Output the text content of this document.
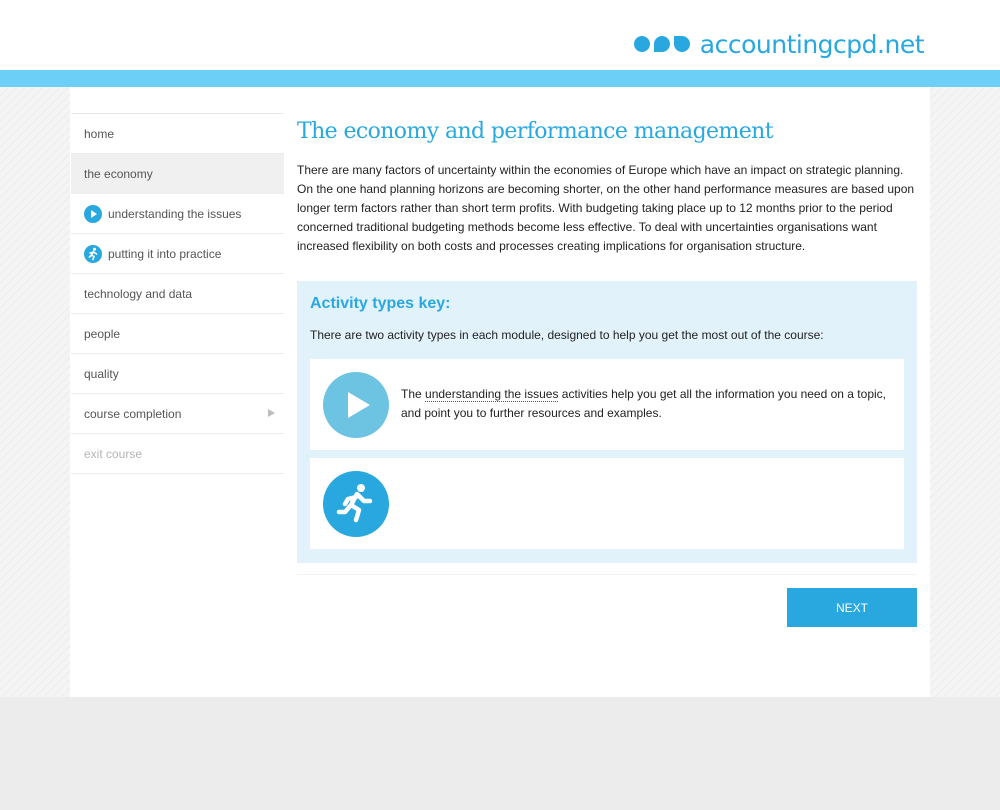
accountingcpd.net
home
the economy
understanding the issues
putting it into practice
technology and data
people
quality
course completion
exit course
The economy and performance management

There are many factors of uncertainty within the economies of Europe which have an impact on strategic planning. On the one hand planning horizons are becoming shorter, on the other hand performance measures are based upon longer term factors rather than short term profits. With budgeting taking place up to 12 months prior to the period concerned traditional budgeting methods become less effective. To deal with uncertainties organisations want increased flexibility on both costs and processes creating implications for organisation structure.

Activity types key:

There are two activity types in each module, designed to help you get the most out of the course:

The understanding the issues activities help you get all the information you need on a topic, and point you to further resources and examples.

NEXT
